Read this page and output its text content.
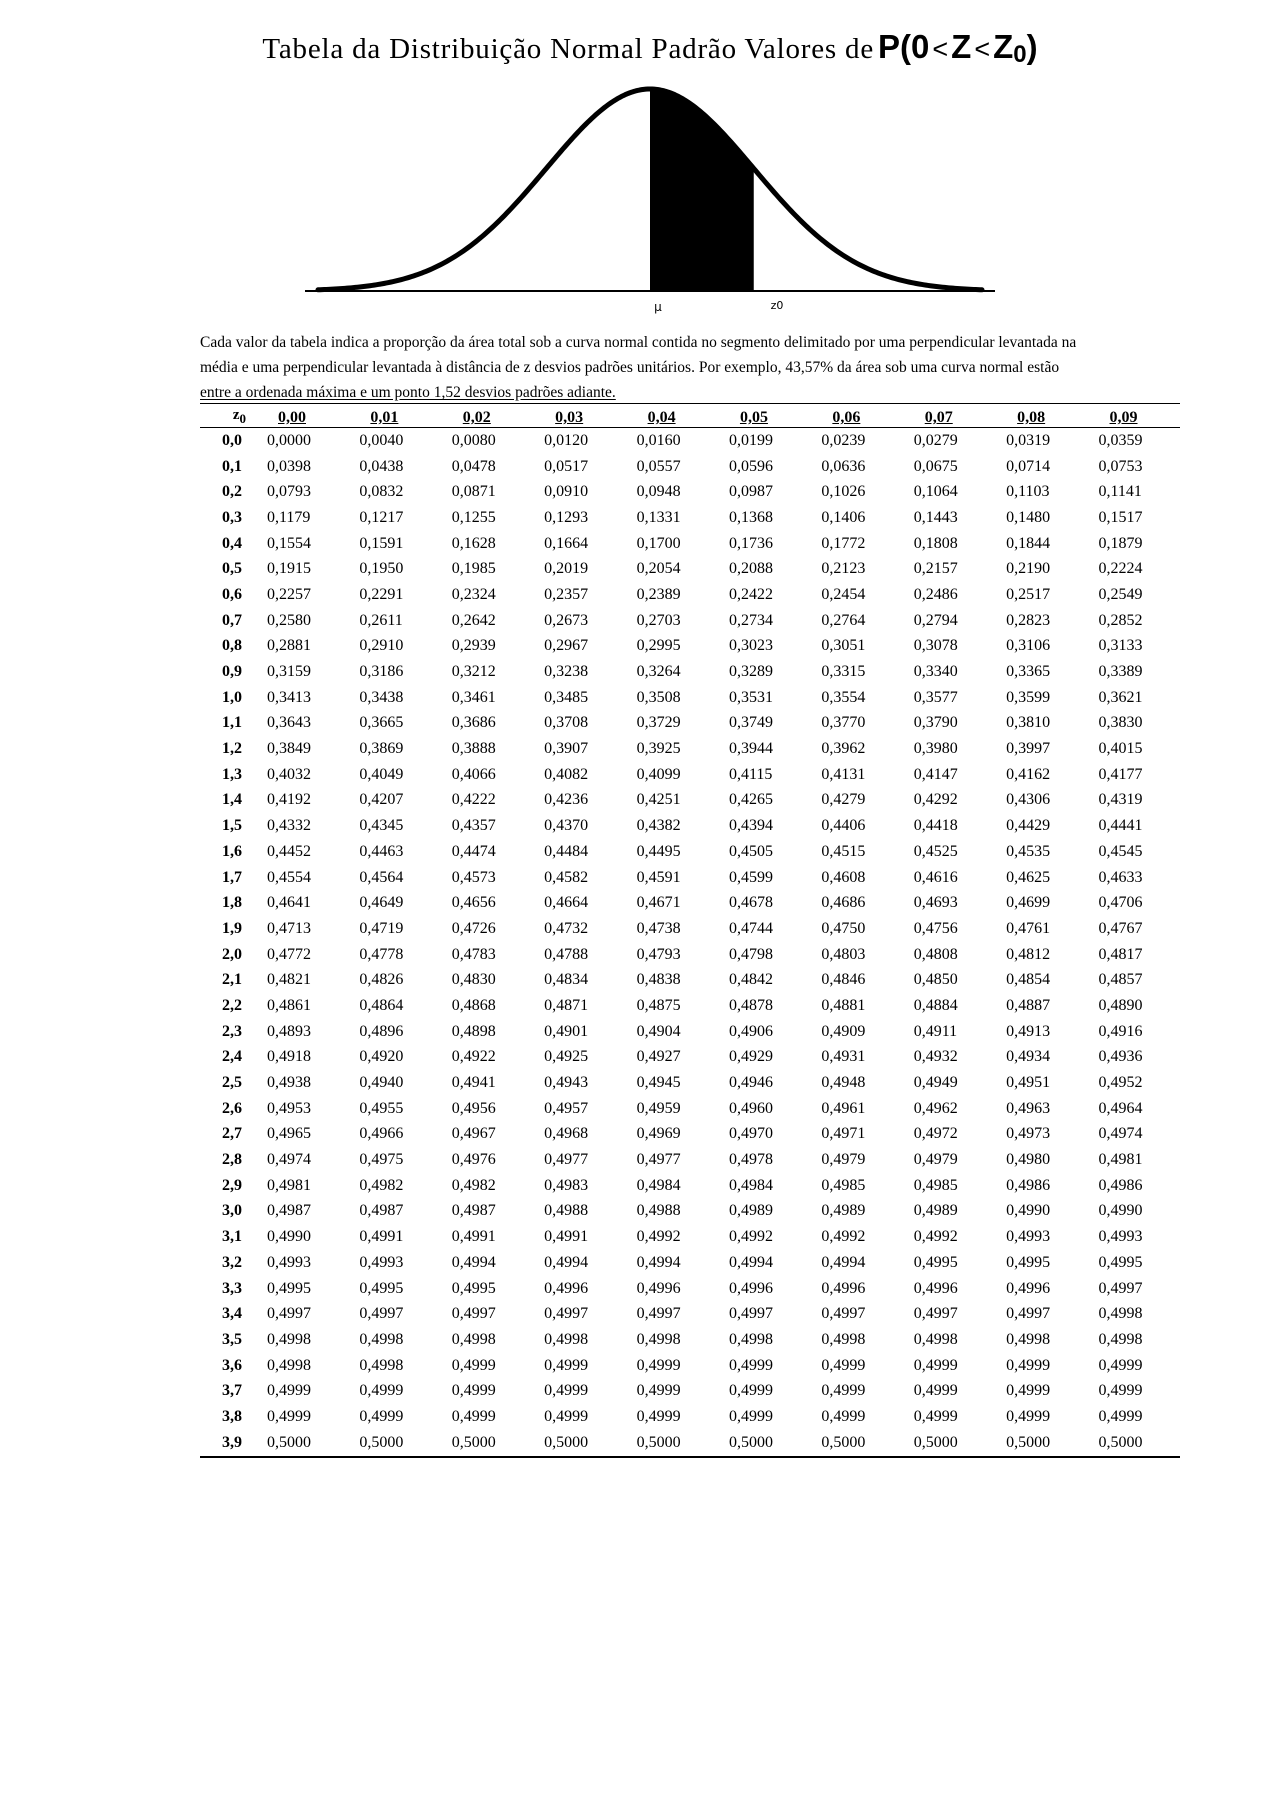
Tabela da Distribuição Normal Padrão Valores de $P(0 <Z <Z_0)$
μ	z0

Cada valor da tabela indica a proporção da área total sob a curva normal contida no segmento delimitado por uma perpendicular levantada na

média e uma perpendicular levantada à distância de z desvios padrões unitários. Por exemplo, 43,57% da área sob uma curva normal estão

entre a ordenada máxima e um ponto 1,52 desvios padrões adiante.

$z_0$	0,00	0,01	0,02	0,03	0,04	0,05	0,06	0,07	0,08	0,09
0,0	0,0000	0,0040	0,0080	0,0120	0,0160	0,0199	0,0239	0,0279	0,0319	0,0359
0,1	0,0398	0,0438	0,0478	0,0517	0,0557	0,0596	0,0636	0,0675	0,0714	0,0753
0,2	0,0793	0,0832	0,0871	0,0910	0,0948	0,0987	0,1026	0,1064	0,1103	0,1141
0,3	0,1179	0,1217	0,1255	0,1293	0,1331	0,1368	0,1406	0,1443	0,1480	0,1517
0,4	0,1554	0,1591	0,1628	0,1664	0,1700	0,1736	0,1772	0,1808	0,1844	0,1879
0,5	0,1915	0,1950	0,1985	0,2019	0,2054	0,2088	0,2123	0,2157	0,2190	0,2224
0,6	0,2257	0,2291	0,2324	0,2357	0,2389	0,2422	0,2454	0,2486	0,2517	0,2549
0,7	0,2580	0,2611	0,2642	0,2673	0,2703	0,2734	0,2764	0,2794	0,2823	0,2852
0,8	0,2881	0,2910	0,2939	0,2967	0,2995	0,3023	0,3051	0,3078	0,3106	0,3133
0,9	0,3159	0,3186	0,3212	0,3238	0,3264	0,3289	0,3315	0,3340	0,3365	0,3389
1,0	0,3413	0,3438	0,3461	0,3485	0,3508	0,3531	0,3554	0,3577	0,3599	0,3621
1,1	0,3643	0,3665	0,3686	0,3708	0,3729	0,3749	0,3770	0,3790	0,3810	0,3830
1,2	0,3849	0,3869	0,3888	0,3907	0,3925	0,3944	0,3962	0,3980	0,3997	0,4015
1,3	0,4032	0,4049	0,4066	0,4082	0,4099	0,4115	0,4131	0,4147	0,4162	0,4177
1,4	0,4192	0,4207	0,4222	0,4236	0,4251	0,4265	0,4279	0,4292	0,4306	0,4319
1,5	0,4332	0,4345	0,4357	0,4370	0,4382	0,4394	0,4406	0,4418	0,4429	0,4441
1,6	0,4452	0,4463	0,4474	0,4484	0,4495	0,4505	0,4515	0,4525	0,4535	0,4545
1,7	0,4554	0,4564	0,4573	0,4582	0,4591	0,4599	0,4608	0,4616	0,4625	0,4633
1,8	0,4641	0,4649	0,4656	0,4664	0,4671	0,4678	0,4686	0,4693	0,4699	0,4706
1,9	0,4713	0,4719	0,4726	0,4732	0,4738	0,4744	0,4750	0,4756	0,4761	0,4767
2,0	0,4772	0,4778	0,4783	0,4788	0,4793	0,4798	0,4803	0,4808	0,4812	0,4817
2,1	0,4821	0,4826	0,4830	0,4834	0,4838	0,4842	0,4846	0,4850	0,4854	0,4857
2,2	0,4861	0,4864	0,4868	0,4871	0,4875	0,4878	0,4881	0,4884	0,4887	0,4890
2,3	0,4893	0,4896	0,4898	0,4901	0,4904	0,4906	0,4909	0,4911	0,4913	0,4916
2,4	0,4918	0,4920	0,4922	0,4925	0,4927	0,4929	0,4931	0,4932	0,4934	0,4936
2,5	0,4938	0,4940	0,4941	0,4943	0,4945	0,4946	0,4948	0,4949	0,4951	0,4952
2,6	0,4953	0,4955	0,4956	0,4957	0,4959	0,4960	0,4961	0,4962	0,4963	0,4964
2,7	0,4965	0,4966	0,4967	0,4968	0,4969	0,4970	0,4971	0,4972	0,4973	0,4974
2,8	0,4974	0,4975	0,4976	0,4977	0,4977	0,4978	0,4979	0,4979	0,4980	0,4981
2,9	0,4981	0,4982	0,4982	0,4983	0,4984	0,4984	0,4985	0,4985	0,4986	0,4986
3,0	0,4987	0,4987	0,4987	0,4988	0,4988	0,4989	0,4989	0,4989	0,4990	0,4990
3,1	0,4990	0,4991	0,4991	0,4991	0,4992	0,4992	0,4992	0,4992	0,4993	0,4993
3,2	0,4993	0,4993	0,4994	0,4994	0,4994	0,4994	0,4994	0,4995	0,4995	0,4995
3,3	0,4995	0,4995	0,4995	0,4996	0,4996	0,4996	0,4996	0,4996	0,4996	0,4997
3,4	0,4997	0,4997	0,4997	0,4997	0,4997	0,4997	0,4997	0,4997	0,4997	0,4998
3,5	0,4998	0,4998	0,4998	0,4998	0,4998	0,4998	0,4998	0,4998	0,4998	0,4998
3,6	0,4998	0,4998	0,4999	0,4999	0,4999	0,4999	0,4999	0,4999	0,4999	0,4999
3,7	0,4999	0,4999	0,4999	0,4999	0,4999	0,4999	0,4999	0,4999	0,4999	0,4999
3,8	0,4999	0,4999	0,4999	0,4999	0,4999	0,4999	0,4999	0,4999	0,4999	0,4999
3,9	0,5000	0,5000	0,5000	0,5000	0,5000	0,5000	0,5000	0,5000	0,5000	0,5000
